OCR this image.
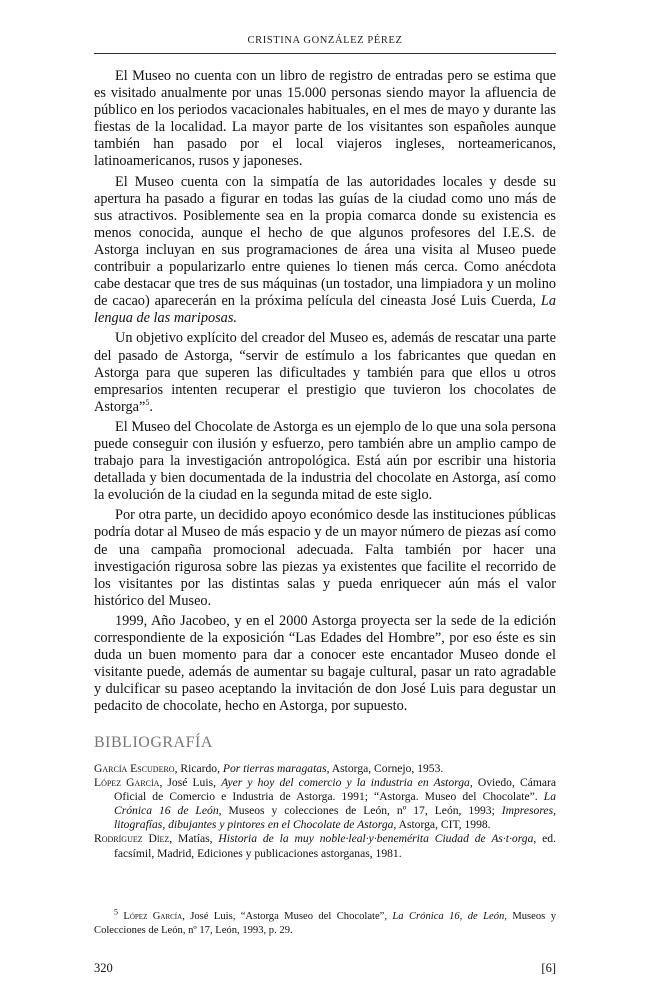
CRISTINA GONZÁLEZ PÉREZ

El Museo no cuenta con un libro de registro de entradas pero se estima que es visitado anualmente por unas 15.000 personas siendo mayor la afluencia de público en los periodos vacacionales habituales, en el mes de mayo y durante las fiestas de la localidad. La mayor parte de los visitantes son españoles aunque también han pasado por el local viajeros ingleses, norteamericanos, latinoamericanos, rusos y japoneses.

El Museo cuenta con la simpatía de las autoridades locales y desde su apertura ha pasado a figurar en todas las guías de la ciudad como uno más de sus atractivos. Posiblemente sea en la propia comarca donde su existencia es menos conocida, aunque el hecho de que algunos profesores del I.E.S. de Astorga incluyan en sus programaciones de área una visita al Museo puede contribuir a popularizarlo entre quienes lo tienen más cerca. Como anécdota cabe destacar que tres de sus máquinas (un tostador, una limpiadora y un molino de cacao) aparecerán en la próxima película del cineasta José Luis Cuerda, La lengua de las mariposas.

Un objetivo explícito del creador del Museo es, además de rescatar una parte del pasado de Astorga, “servir de estímulo a los fabricantes que quedan en Astorga para que superen las dificultades y también para que ellos u otros empresarios intenten recuperar el prestigio que tuvieron los chocolates de Astorga”$^5$.

El Museo del Chocolate de Astorga es un ejemplo de lo que una sola persona puede conseguir con ilusión y esfuerzo, pero también abre un amplio campo de trabajo para la investigación antropológica. Está aún por escribir una historia detallada y bien documentada de la industria del chocolate en Astorga, así como la evolución de la ciudad en la segunda mitad de este siglo.

Por otra parte, un decidido apoyo económico desde las instituciones públicas podría dotar al Museo de más espacio y de un mayor número de piezas así como de una campaña promocional adecuada. Falta también por hacer una investigación rigurosa sobre las piezas ya existentes que facilite el recorrido de los visitantes por las distintas salas y pueda enriquecer aún más el valor histórico del Museo.

1999, Año Jacobeo, y en el 2000 Astorga proyecta ser la sede de la edición correspondiente de la exposición “Las Edades del Hombre”, por eso éste es sin duda un buen momento para dar a conocer este encantador Museo donde el visitante puede, además de aumentar su bagaje cultural, pasar un rato agradable y dulcificar su paseo aceptando la invitación de don José Luis para degustar un pedacito de chocolate, hecho en Astorga, por supuesto.

BIBLIOGRAFÍA

García Escudero, Ricardo, Por tierras maragatas, Astorga, Cornejo, 1953.

López García, José Luis, Ayer y hoy del comercio y la industria en Astorga, Oviedo, Cámara Oficial de Comercio e Industria de Astorga. 1991; “Astorga. Museo del Chocolate”. La Crónica 16 de León, Museos y colecciones de León, nº 17, León, 1993; Impresores, litografías, dibujantes y pintores en el Chocolate de Astorga, Astorga, CIT, 1998.

Rodríguez Díez, Matías, Historia de la muy noble·leal·y·benemérita Ciudad de As·t·orga, ed. facsímil, Madrid, Ediciones y publicaciones astorganas, 1981.

$^5$ López García, José Luis, “Astorga Museo del Chocolate”, La Crónica 16, de León, Museos y Colecciones de León, nº 17, León, 1993, p. 29.
320	[6]
